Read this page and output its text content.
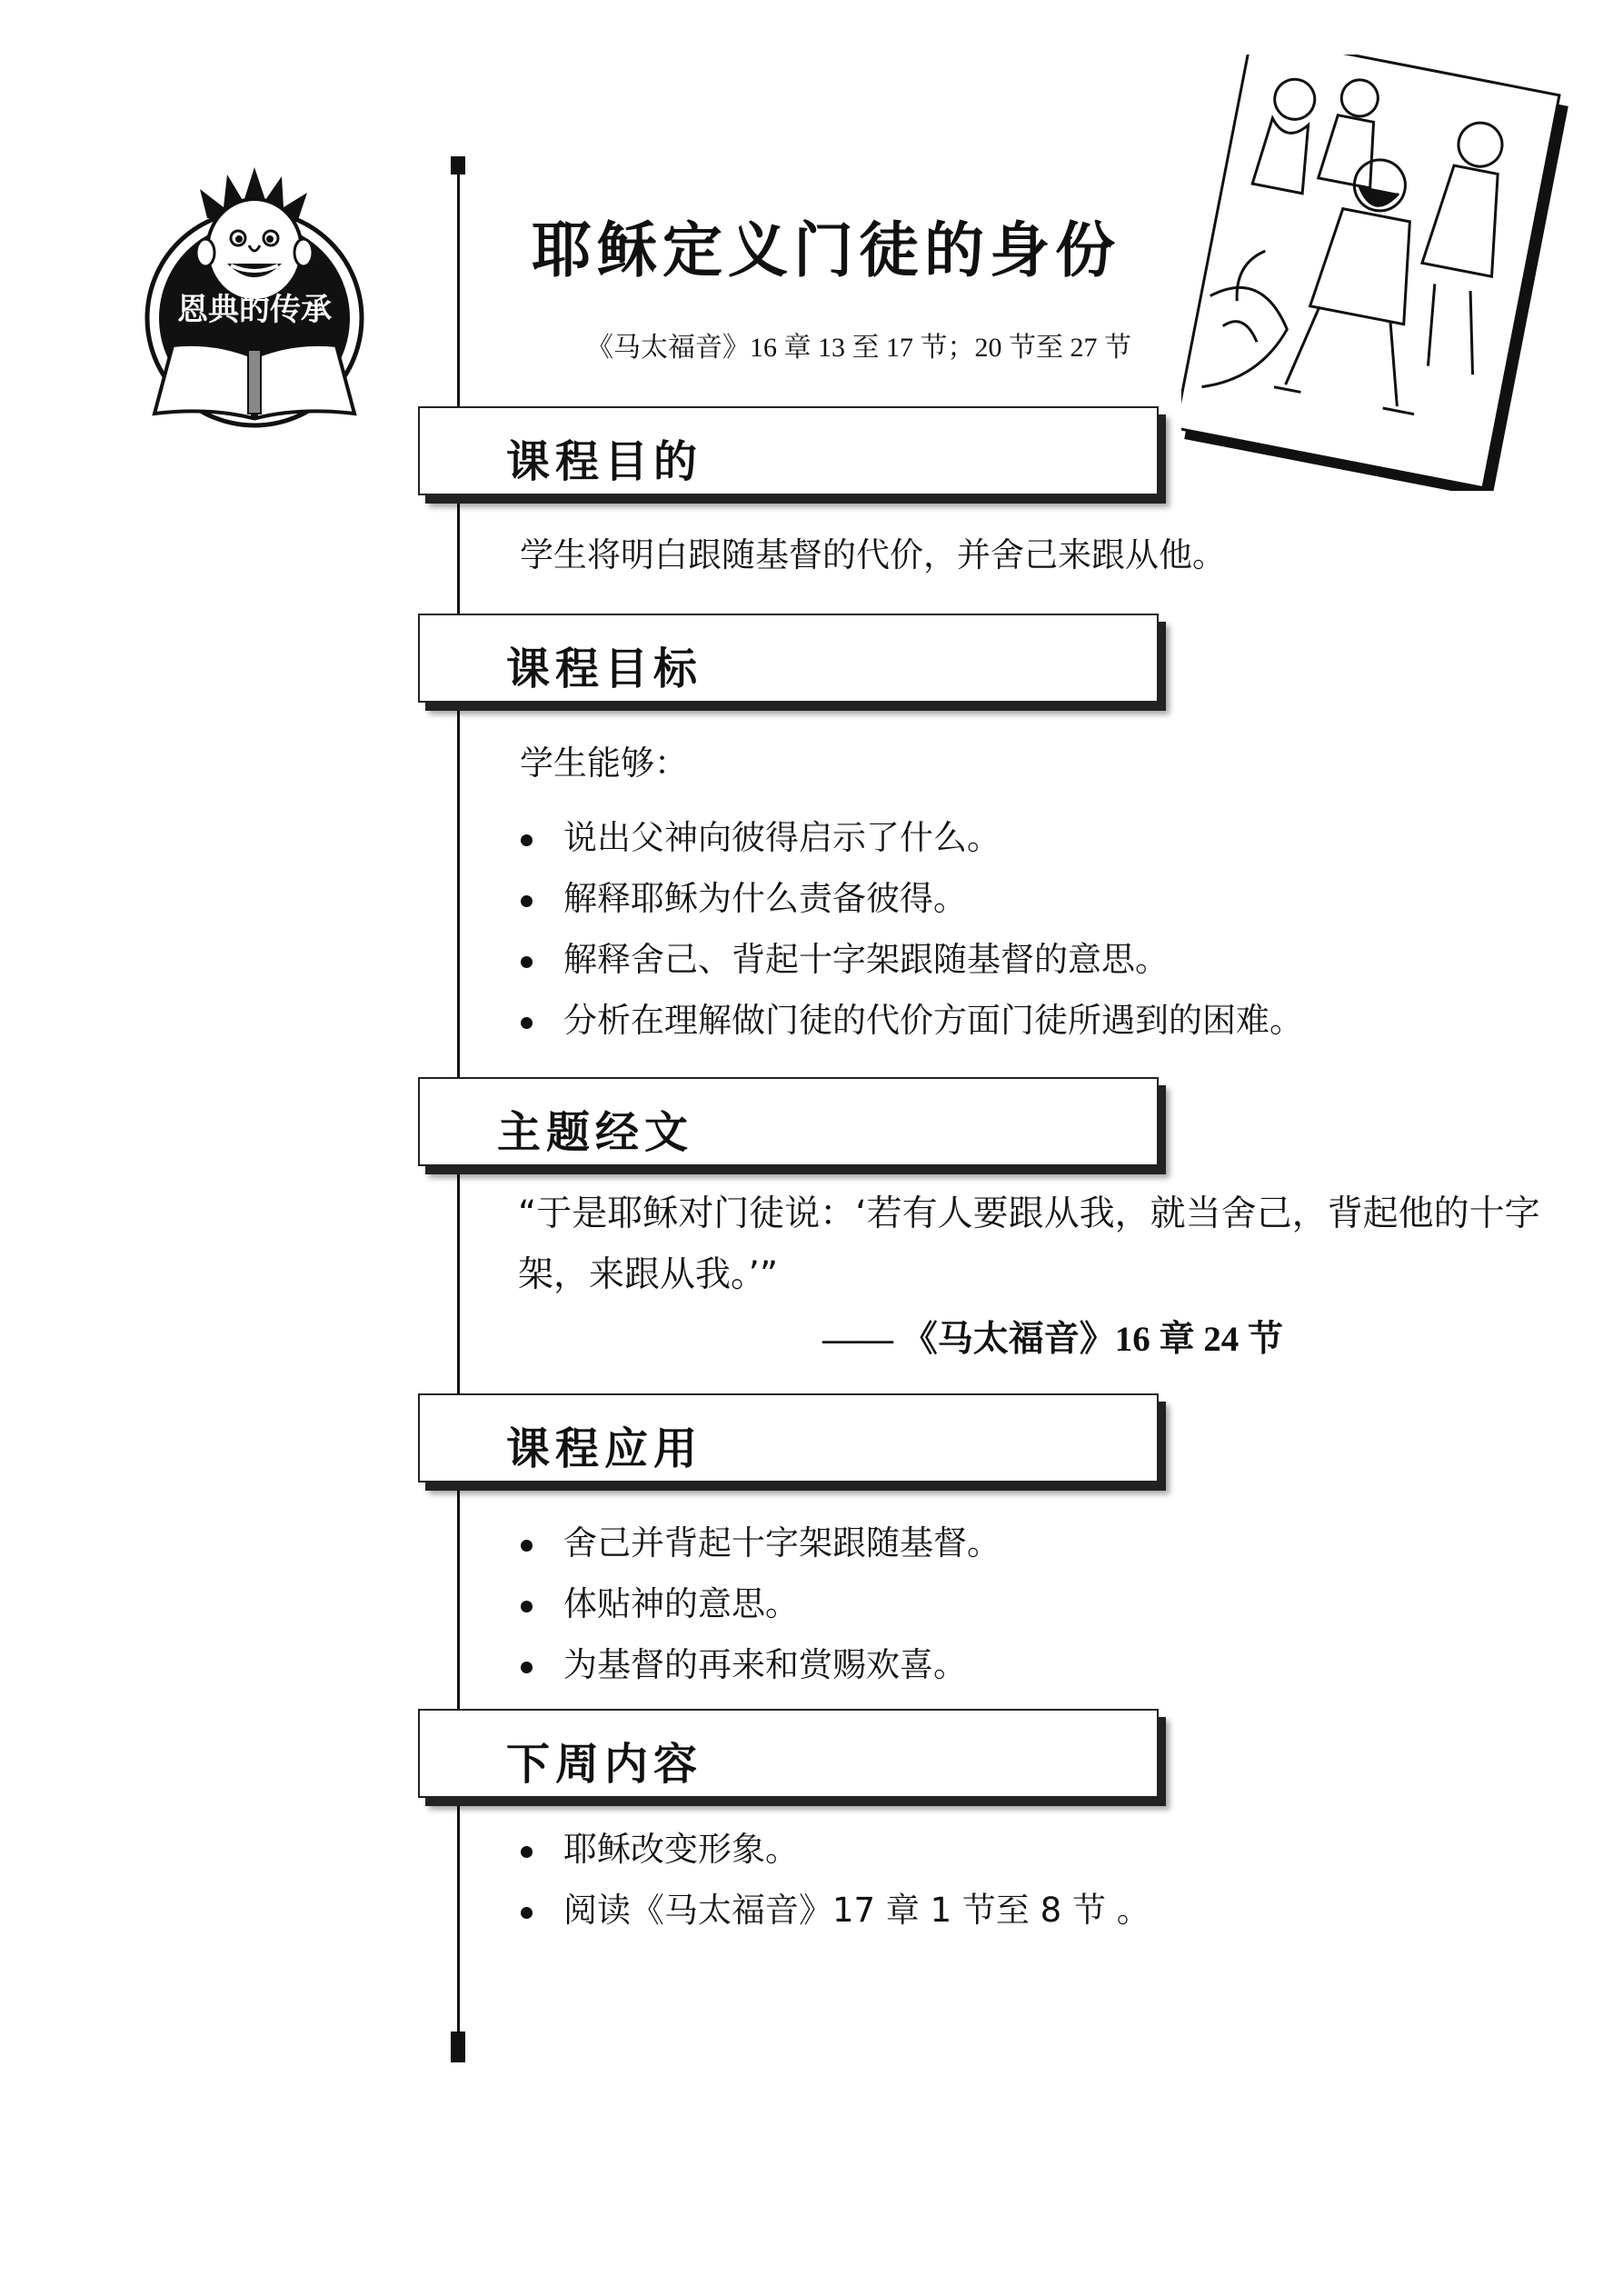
恩典的传承
耶稣定义门徒的身份
《马太福音》16 章 13 至 17 节；20 节至 27 节
课程目的
学生将明白跟随基督的代价，并舍己来跟从他。
课程目标
学生能够：
说出父神向彼得启示了什么。
解释耶稣为什么责备彼得。
解释舍己、背起十字架跟随基督的意思。
分析在理解做门徒的代价方面门徒所遇到的困难。
主题经文
“于是耶稣对门徒说：‘若有人要跟从我，就当舍己，背起他的十字架，来跟从我。’”
—— 《马太福音》16 章 24 节
课程应用
舍己并背起十字架跟随基督。
体贴神的意思。
为基督的再来和赏赐欢喜。
下周内容
耶稣改变形象。
阅读《马太福音》17 章 1 节至 8 节 。
